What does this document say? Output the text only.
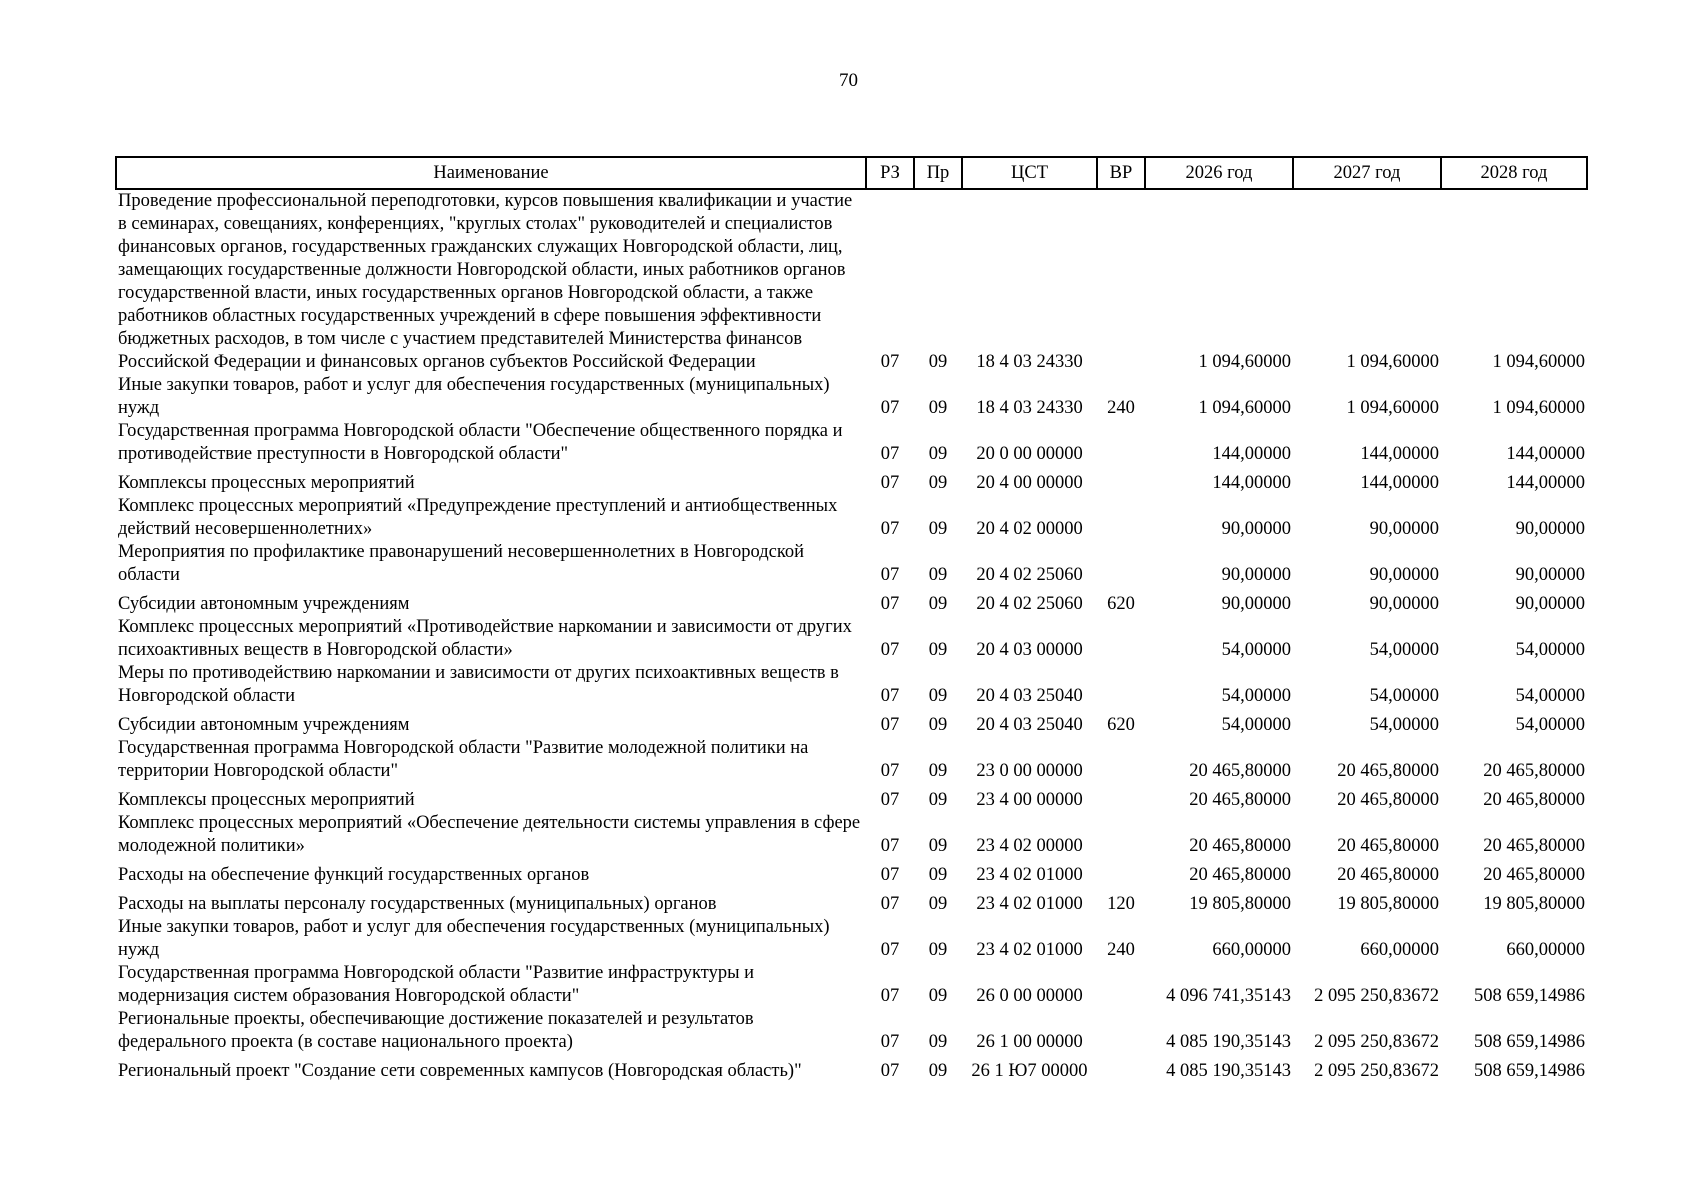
70
Наименование	РЗ	Пр	ЦСТ	ВР	2026 год	2027 год	2028 год
Проведение профессиональной переподготовки, курсов повышения квалификации и участие в семинарах, совещаниях, конференциях, "круглых столах" руководителей и специалистов финансовых органов, государственных гражданских служащих Новгородской области, лиц, замещающих государственные должности Новгородской области, иных работников органов государственной власти, иных государственных органов Новгородской области, а также работников областных государственных учреждений в сфере повышения эффективности бюджетных расходов, в том числе с участием представителей Министерства финансов Российской Федерации и финансовых органов субъектов Российской Федерации	07	09	18 4 03 24330		1 094,60000	1 094,60000	1 094,60000
Иные закупки товаров, работ и услуг для обеспечения государственных (муниципальных) нужд	07	09	18 4 03 24330	240	1 094,60000	1 094,60000	1 094,60000
Государственная программа Новгородской области "Обеспечение общественного порядка и противодействие преступности в Новгородской области"	07	09	20 0 00 00000		144,00000	144,00000	144,00000
Комплексы процессных мероприятий	07	09	20 4 00 00000		144,00000	144,00000	144,00000
Комплекс процессных мероприятий «Предупреждение преступлений и антиобщественных действий несовершеннолетних»	07	09	20 4 02 00000		90,00000	90,00000	90,00000
Мероприятия по профилактике правонарушений несовершеннолетних в Новгородской области	07	09	20 4 02 25060		90,00000	90,00000	90,00000
Субсидии автономным учреждениям	07	09	20 4 02 25060	620	90,00000	90,00000	90,00000
Комплекс процессных мероприятий «Противодействие наркомании и зависимости от других психоактивных веществ в Новгородской области»	07	09	20 4 03 00000		54,00000	54,00000	54,00000
Меры по противодействию наркомании и зависимости от других психоактивных веществ в Новгородской области	07	09	20 4 03 25040		54,00000	54,00000	54,00000
Субсидии автономным учреждениям	07	09	20 4 03 25040	620	54,00000	54,00000	54,00000
Государственная программа Новгородской области "Развитие молодежной политики на территории Новгородской области"	07	09	23 0 00 00000		20 465,80000	20 465,80000	20 465,80000
Комплексы процессных мероприятий	07	09	23 4 00 00000		20 465,80000	20 465,80000	20 465,80000
Комплекс процессных мероприятий «Обеспечение деятельности системы управления в сфере молодежной политики»	07	09	23 4 02 00000		20 465,80000	20 465,80000	20 465,80000
Расходы на обеспечение функций государственных органов	07	09	23 4 02 01000		20 465,80000	20 465,80000	20 465,80000
Расходы на выплаты персоналу государственных (муниципальных) органов	07	09	23 4 02 01000	120	19 805,80000	19 805,80000	19 805,80000
Иные закупки товаров, работ и услуг для обеспечения государственных (муниципальных) нужд	07	09	23 4 02 01000	240	660,00000	660,00000	660,00000
Государственная программа Новгородской области "Развитие инфраструктуры и модернизация систем образования Новгородской области"	07	09	26 0 00 00000		4 096 741,35143	2 095 250,83672	508 659,14986
Региональные проекты, обеспечивающие достижение показателей и результатов федерального проекта (в составе национального проекта)	07	09	26 1 00 00000		4 085 190,35143	2 095 250,83672	508 659,14986
Региональный проект "Создание сети современных кампусов (Новгородская область)"	07	09	26 1 Ю7 00000		4 085 190,35143	2 095 250,83672	508 659,14986
